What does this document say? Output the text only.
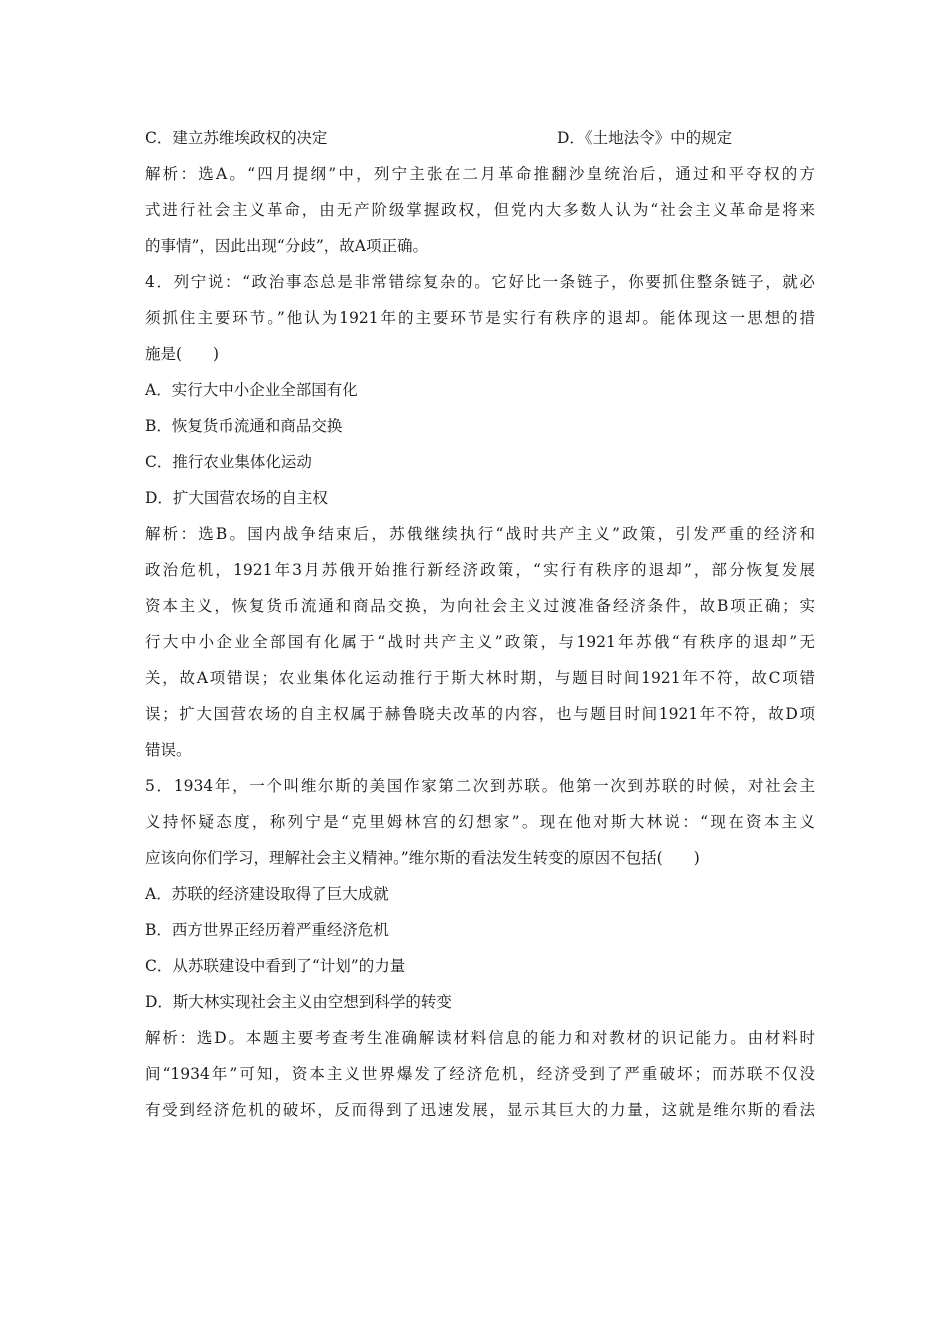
C．建立苏维埃政权的决定	D．《土地法令》中的规定
解析：选A。“四月提纲”中，列宁主张在二月革命推翻沙皇统治后，通过和平夺权的方
式进行社会主义革命，由无产阶级掌握政权，但党内大多数人认为“社会主义革命是将来
的事情”，因此出现“分歧”，故A项正确。
4．列宁说：“政治事态总是非常错综复杂的。它好比一条链子，你要抓住整条链子，就必
须抓住主要环节。”他认为1921年的主要环节是实行有秩序的退却。能体现这一思想的措
施是(　　)
A．实行大中小企业全部国有化
B．恢复货币流通和商品交换
C．推行农业集体化运动
D．扩大国营农场的自主权
解析：选B。国内战争结束后，苏俄继续执行“战时共产主义”政策，引发严重的经济和
政治危机，1921年3月苏俄开始推行新经济政策，“实行有秩序的退却”，部分恢复发展
资本主义，恢复货币流通和商品交换，为向社会主义过渡准备经济条件，故B项正确；实
行大中小企业全部国有化属于“战时共产主义”政策，与1921年苏俄“有秩序的退却”无
关，故A项错误；农业集体化运动推行于斯大林时期，与题目时间1921年不符，故C项错
误；扩大国营农场的自主权属于赫鲁晓夫改革的内容，也与题目时间1921年不符，故D项
错误。
5．1934年，一个叫维尔斯的美国作家第二次到苏联。他第一次到苏联的时候，对社会主
义持怀疑态度，称列宁是“克里姆林宫的幻想家”。现在他对斯大林说：“现在资本主义
应该向你们学习，理解社会主义精神。”维尔斯的看法发生转变的原因不包括(　　)
A．苏联的经济建设取得了巨大成就
B．西方世界正经历着严重经济危机
C．从苏联建设中看到了“计划”的力量
D．斯大林实现社会主义由空想到科学的转变
解析：选D。本题主要考查考生准确解读材料信息的能力和对教材的识记能力。由材料时
间“1934年”可知，资本主义世界爆发了经济危机，经济受到了严重破坏；而苏联不仅没
有受到经济危机的破坏，反而得到了迅速发展，显示其巨大的力量，这就是维尔斯的看法
